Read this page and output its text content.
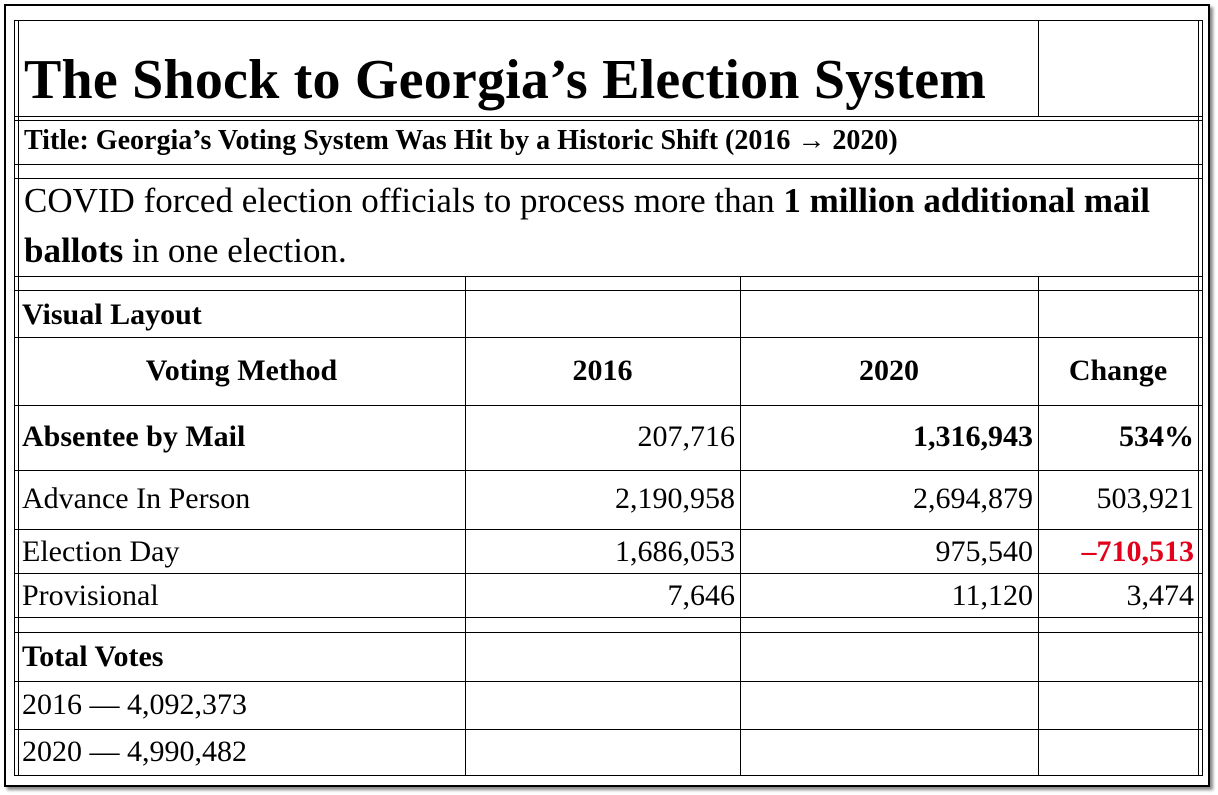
The Shock to Georgia’s Election System
Title: Georgia’s Voting System Was Hit by a Historic Shift (2016 → 2020)
COVID forced election officials to process more than 1 million additional mail ballots in one election.
Visual Layout
Voting Method	2016	2020	Change
Absentee by Mail	207,716	1,316,943	534%
Advance In Person	2,190,958	2,694,879	503,921
Election Day	1,686,053	975,540	–710,513
Provisional	7,646	11,120	3,474
Total Votes
2016 — 4,092,373
2020 — 4,990,482
